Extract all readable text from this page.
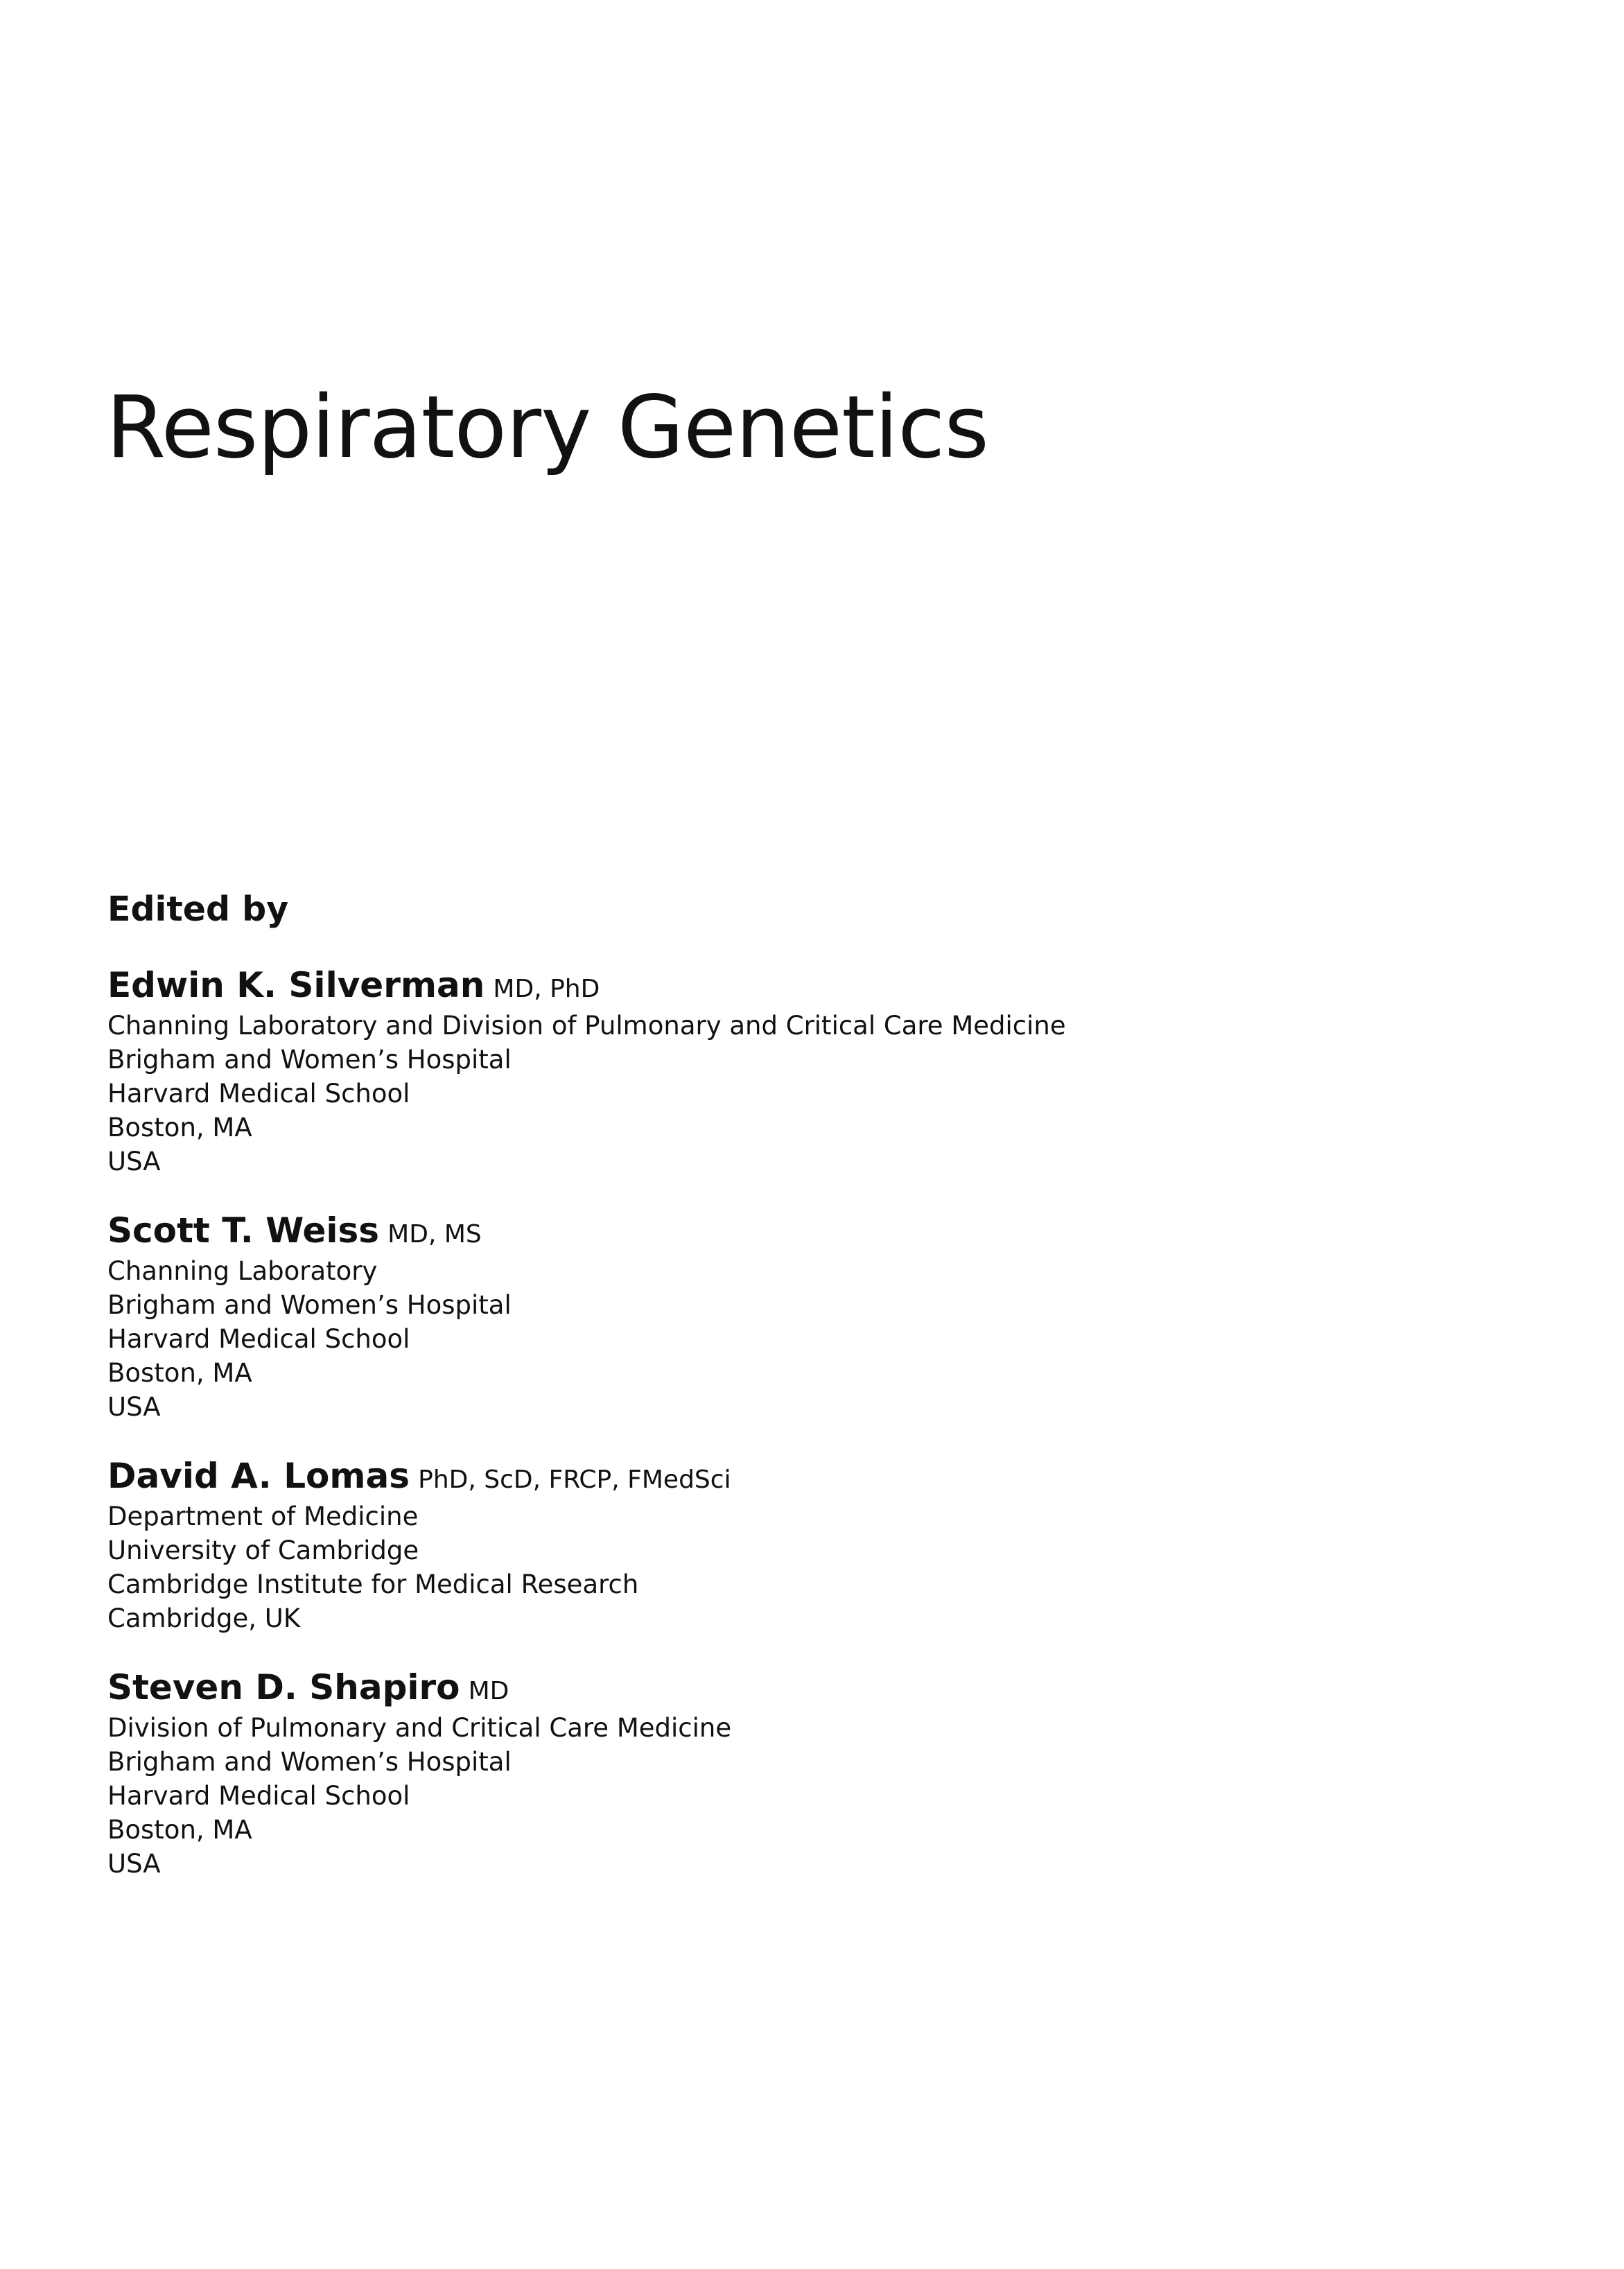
Respiratory Genetics
Edited by

Edwin K. Silverman MD, PhD

Channing Laboratory and Division of Pulmonary and Critical Care Medicine
Brigham and Women’s Hospital
Harvard Medical School
Boston, MA
USA

Scott T. Weiss MD, MS

Channing Laboratory
Brigham and Women’s Hospital
Harvard Medical School
Boston, MA
USA

David A. Lomas PhD, ScD, FRCP, FMedSci

Department of Medicine
University of Cambridge
Cambridge Institute for Medical Research
Cambridge, UK

Steven D. Shapiro MD

Division of Pulmonary and Critical Care Medicine
Brigham and Women’s Hospital
Harvard Medical School
Boston, MA
USA
